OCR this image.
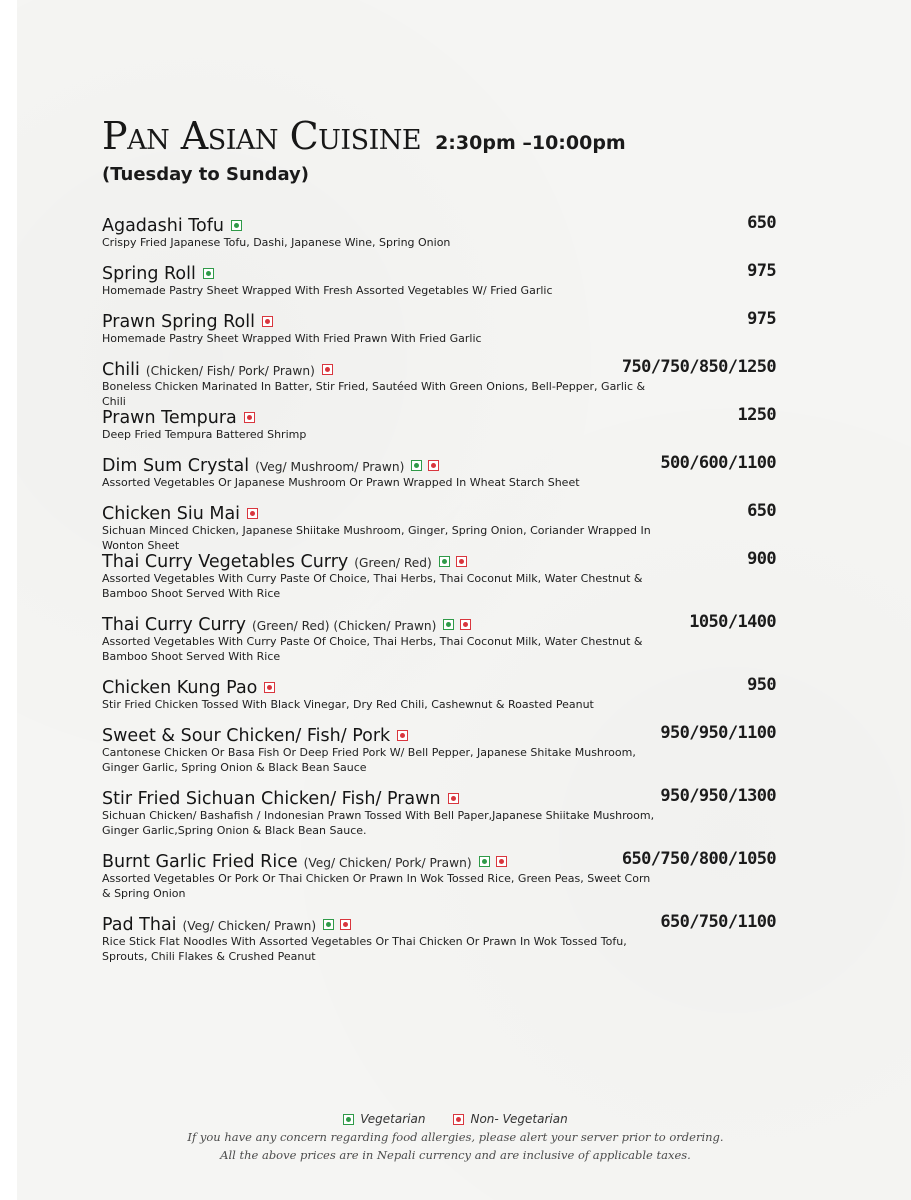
Pan Asian Cuisine 2:30pm –10:00pm
(Tuesday to Sunday)
Agadashi Tofu
Crispy Fried Japanese Tofu, Dashi, Japanese Wine, Spring Onion
650
Spring Roll
Homemade Pastry Sheet Wrapped With Fresh Assorted Vegetables W/ Fried Garlic
975
Prawn Spring Roll
Homemade Pastry Sheet Wrapped With Fried Prawn With Fried Garlic
975
Chili (Chicken/ Fish/ Pork/ Prawn)
Boneless Chicken Marinated In Batter, Stir Fried, Sautéed With Green Onions, Bell-Pepper, Garlic & Chili
750/750/850/1250
Prawn Tempura
Deep Fried Tempura Battered Shrimp
1250
Dim Sum Crystal (Veg/ Mushroom/ Prawn)
Assorted Vegetables Or Japanese Mushroom Or Prawn Wrapped In Wheat Starch Sheet
500/600/1100
Chicken Siu Mai
Sichuan Minced Chicken, Japanese Shiitake Mushroom, Ginger, Spring Onion, Coriander Wrapped In Wonton Sheet
650
Thai Curry Vegetables Curry (Green/ Red)
Assorted Vegetables With Curry Paste Of Choice, Thai Herbs, Thai Coconut Milk, Water Chestnut & Bamboo Shoot Served With Rice
900
Thai Curry Curry (Green/ Red) (Chicken/ Prawn)
Assorted Vegetables With Curry Paste Of Choice, Thai Herbs, Thai Coconut Milk, Water Chestnut & Bamboo Shoot Served With Rice
1050/1400
Chicken Kung Pao
Stir Fried Chicken Tossed With Black Vinegar, Dry Red Chili, Cashewnut & Roasted Peanut
950
Sweet & Sour Chicken/ Fish/ Pork
Cantonese Chicken Or Basa Fish Or Deep Fried Pork W/ Bell Pepper, Japanese Shitake Mushroom, Ginger Garlic, Spring Onion & Black Bean Sauce
950/950/1100
Stir Fried Sichuan Chicken/ Fish/ Prawn
Sichuan Chicken/ Bashafish / Indonesian Prawn Tossed With Bell Paper,Japanese Shiitake Mushroom, Ginger Garlic,Spring Onion & Black Bean Sauce.
950/950/1300
Burnt Garlic Fried Rice (Veg/ Chicken/ Pork/ Prawn)
Assorted Vegetables Or Pork Or Thai Chicken Or Prawn In Wok Tossed Rice, Green Peas, Sweet Corn & Spring Onion
650/750/800/1050
Pad Thai (Veg/ Chicken/ Prawn)
Rice Stick Flat Noodles With Assorted Vegetables Or Thai Chicken Or Prawn In Wok Tossed Tofu, Sprouts, Chili Flakes & Crushed Peanut
650/750/1100
Vegetarian	Non- Vegetarian
If you have any concern regarding food allergies, please alert your server prior to ordering.
All the above prices are in Nepali currency and are inclusive of applicable taxes.
